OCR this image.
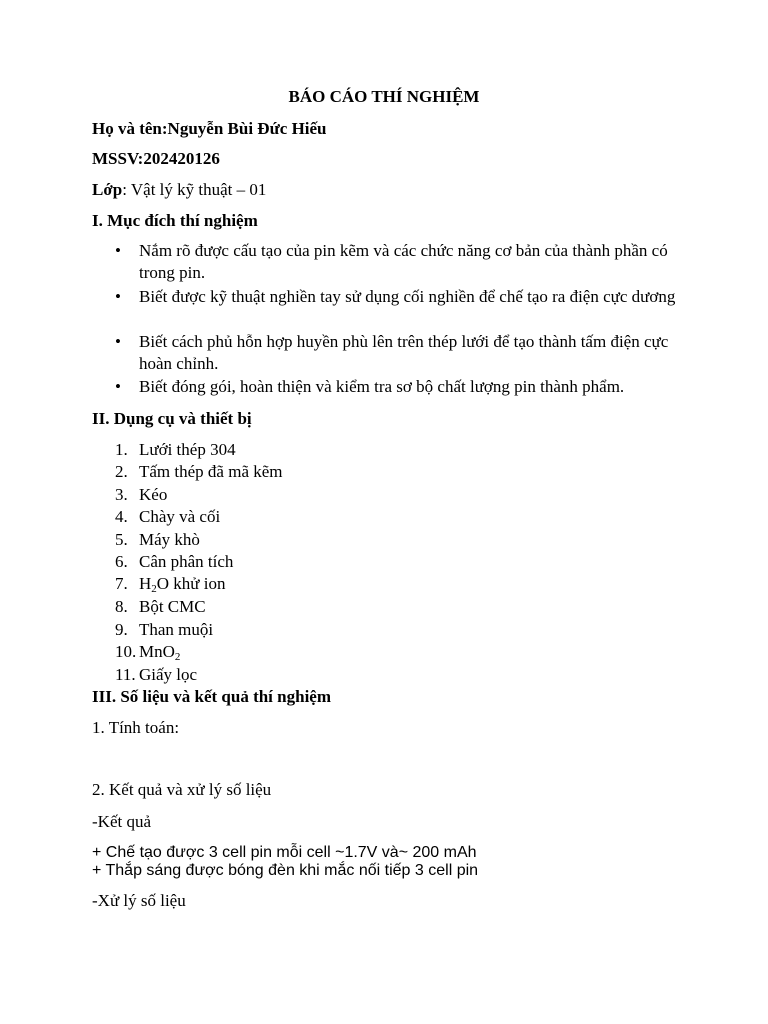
BÁO CÁO THÍ NGHIỆM
Họ và tên:Nguyễn Bùi Đức Hiếu
MSSV:202420126
Lớp: Vật lý kỹ thuật – 01
I. Mục đích thí nghiệm
• Nắm rõ được cấu tạo của pin kẽm và các chức năng cơ bản của thành phần có trong pin.
• Biết được kỹ thuật nghiền tay sử dụng cối nghiền để chế tạo ra điện cực dương
• Biết cách phủ hỗn hợp huyền phù lên trên thép lưới để tạo thành tấm điện cực hoàn chỉnh.
• Biết đóng gói, hoàn thiện và kiểm tra sơ bộ chất lượng pin thành phẩm.
II. Dụng cụ và thiết bị
1. Lưới thép 304
2. Tấm thép đã mã kẽm
3. Kéo
4. Chày và cối
5. Máy khò
6. Cân phân tích
7. $H_2O$ khử ion
8. Bột CMC
9. Than muội
10. MnO$_2$
11. Giấy lọc
III. Số liệu và kết quả thí nghiệm
1. Tính toán:
2. Kết quả và xử lý số liệu
-Kết quả
+ Chế tạo được 3 cell pin mỗi cell ~1.7V và~ 200 mAh
+ Thắp sáng được bóng đèn khi mắc nối tiếp 3 cell pin
-Xử lý số liệu
